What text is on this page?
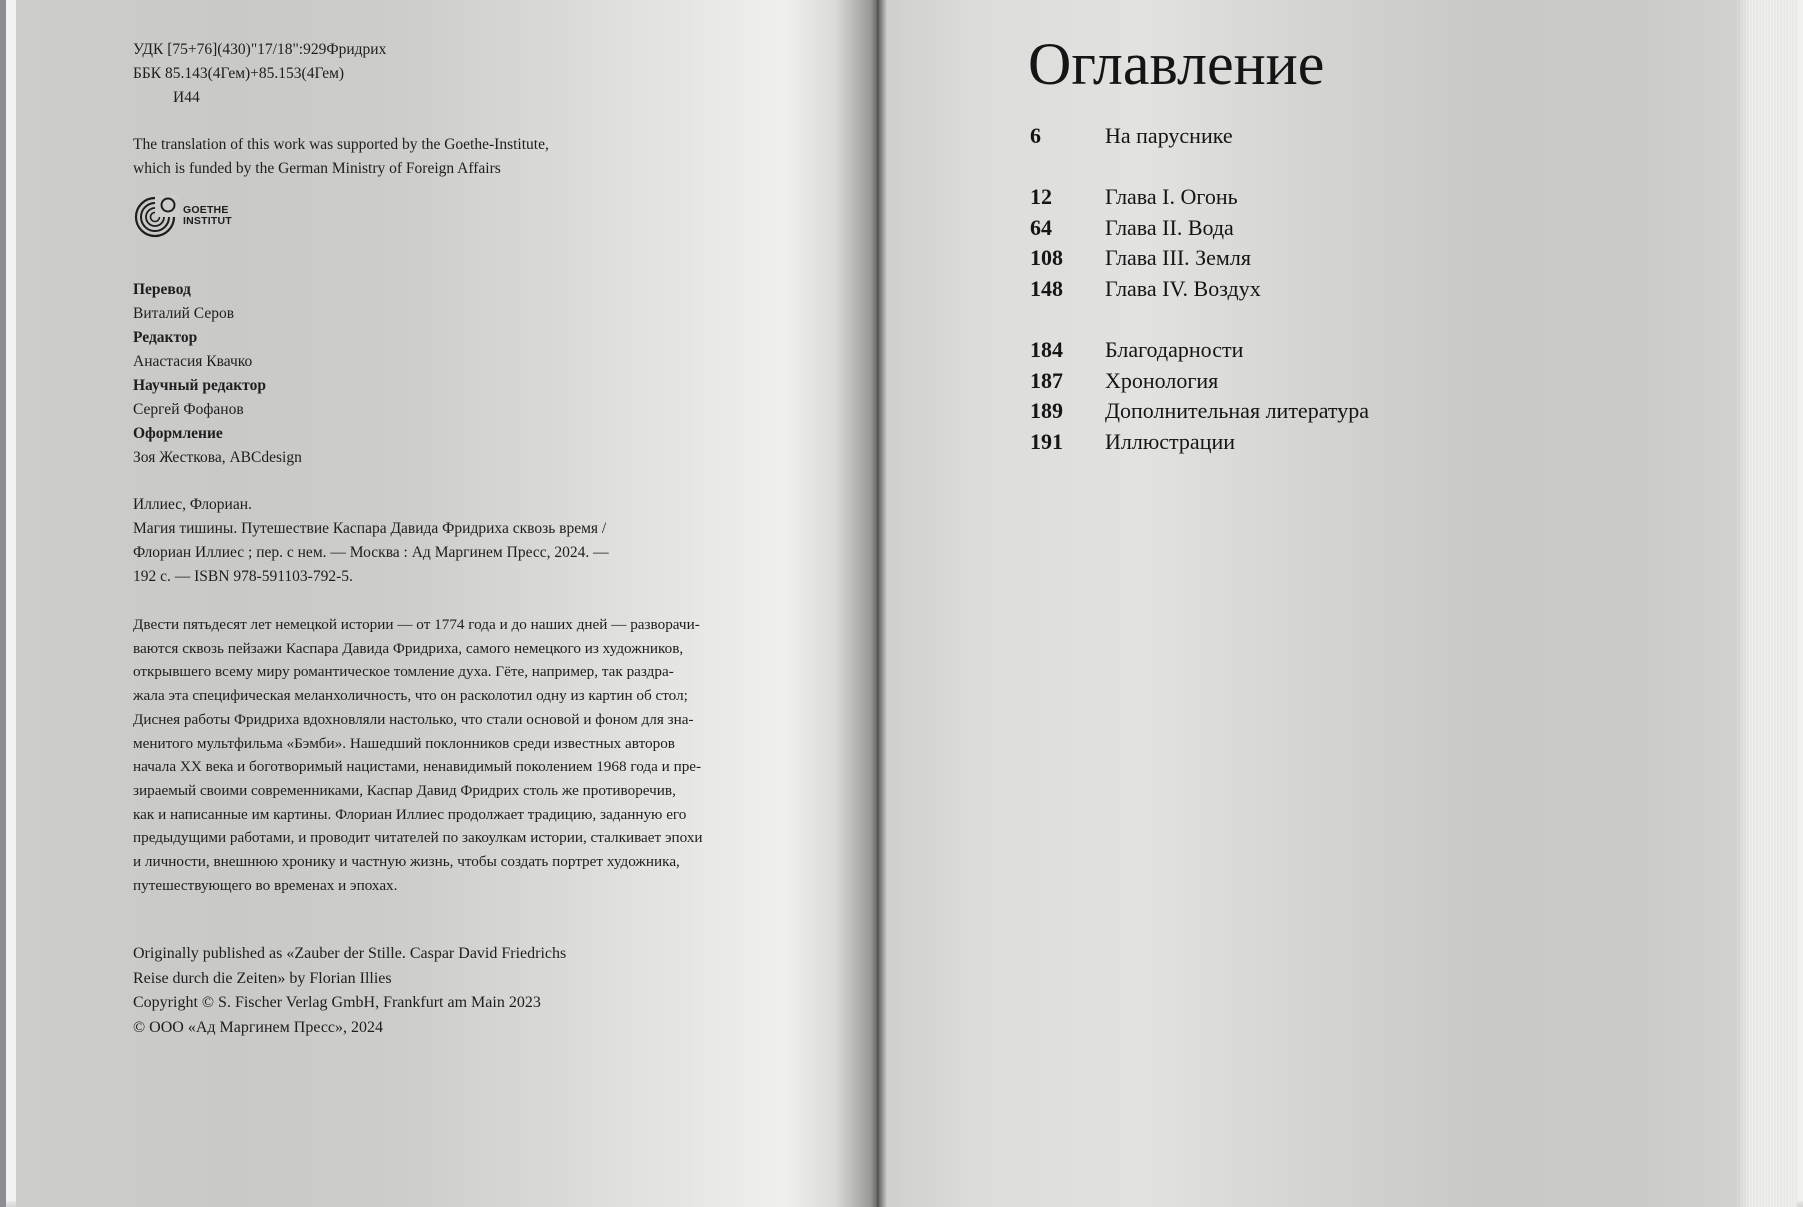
УДК [75+76](430)"17/18":929Фридрих

ББК 85.143(4Гем)+85.153(4Гем)

И44

The translation of this work was supported by the Goethe-Institute,

which is funded by the German Ministry of Foreign Affairs

GOETHE
INSTITUT

Перевод

Виталий Серов

Редактор

Анастасия Квачко

Научный редактор

Сергей Фофанов

Оформление

Зоя Жесткова, ABCdesign

Иллиес, Флориан.

Магия тишины. Путешествие Каспара Давида Фридриха сквозь время /

Флориан Иллиес ; пер. с нем. — Москва : Ад Маргинем Пресс, 2024. —

192 с. — ISBN 978-591103-792-5.

Двести пятьдесят лет немецкой истории — от 1774 года и до наших дней — разворачи-

ваются сквозь пейзажи Каспара Давида Фридриха, самого немецкого из художников,

открывшего всему миру романтическое томление духа. Гёте, например, так раздра-

жала эта специфическая меланхоличность, что он расколотил одну из картин об стол;

Диснея работы Фридриха вдохновляли настолько, что стали основой и фоном для зна-

менитого мультфильма «Бэмби». Нашедший поклонников среди известных авторов

начала XX века и боготворимый нацистами, ненавидимый поколением 1968 года и пре-

зираемый своими современниками, Каспар Давид Фридрих столь же противоречив,

как и написанные им картины. Флориан Иллиес продолжает традицию, заданную его

предыдущими работами, и проводит читателей по закоулкам истории, сталкивает эпохи

и личности, внешнюю хронику и частную жизнь, чтобы создать портрет художника,

путешествующего во временах и эпохах.

Originally published as «Zauber der Stille. Caspar David Friedrichs

Reise durch die Zeiten» by Florian Illies

Copyright © S. Fischer Verlag GmbH, Frankfurt am Main 2023

© ООО «Ад Маргинем Пресс», 2024

Оглавление
6	На паруснике
12 Глава I. Огонь
64 Глава II. Вода
108 Глава III. Земля
148 Глава IV. Воздух
184 Благодарности
187 Хронология
189 Дополнительная литература
191 Иллюстрации
